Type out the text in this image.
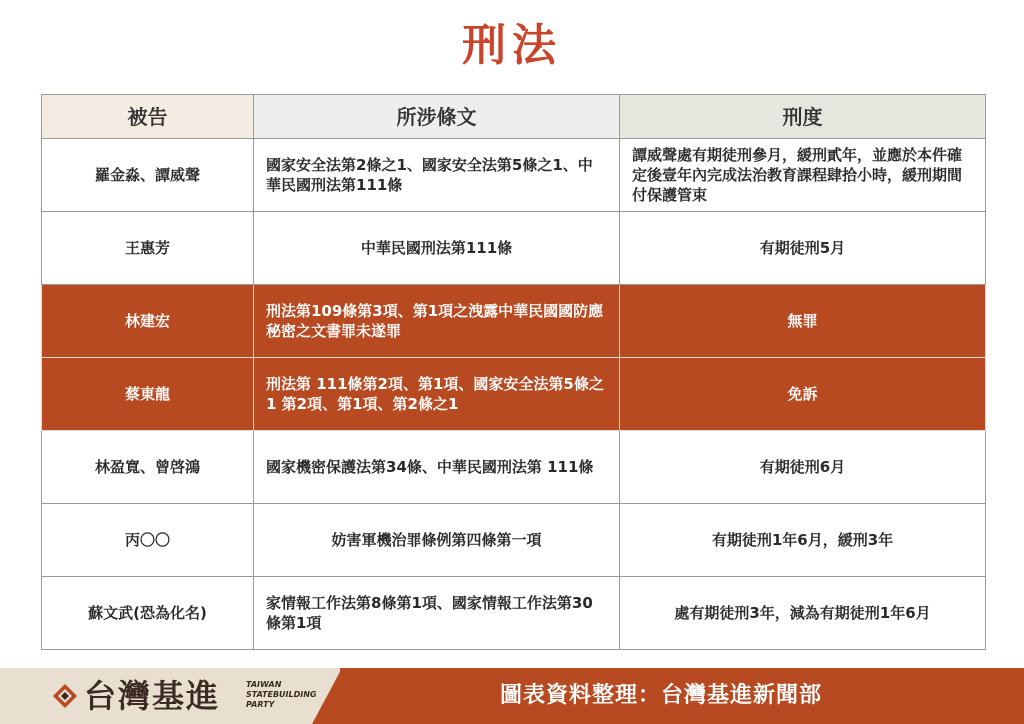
刑法
被告	所涉條文	刑度
羅金淼、譚威聲	國家安全法第2條之1、國家安全法第5條之1、中華民國刑法第111條	譚威聲處有期徒刑參月，緩刑貳年，並應於本件確定後壹年內完成法治教育課程肆拾小時，緩刑期間付保護管束
王惠芳	中華民國刑法第111條	有期徒刑5月
林建宏	刑法第109條第3項、第1項之洩露中華民國國防應秘密之文書罪未遂罪	無罪
蔡東龍	刑法第 111條第2項、第1項、國家安全法第5條之1 第2項、第1項、第2條之1	免訴
林盈寬、曾啓鴻	國家機密保護法第34條、中華民國刑法第 111條	有期徒刑6月
丙〇〇	妨害軍機治罪條例第四條第一項	有期徒刑1年6月，緩刑3年
蘇文武(恐為化名)	家情報工作法第8條第1項、國家情報工作法第30條第1項	處有期徒刑3年，減為有期徒刑1年6月
台灣基進	TAIWAN
STATEBUILDING
PARTY	圖表資料整理：台灣基進新聞部
